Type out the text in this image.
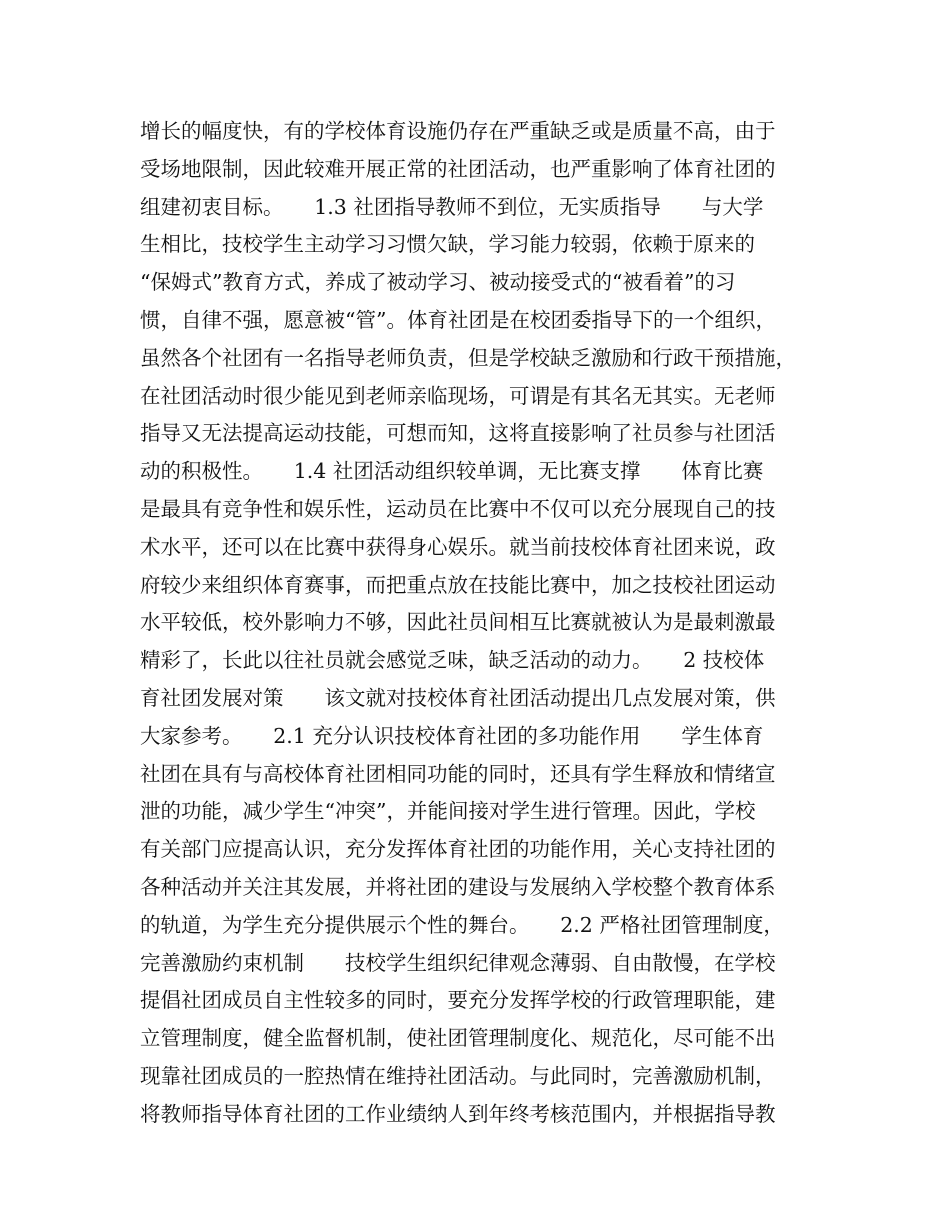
增长的幅度快，有的学校体育设施仍存在严重缺乏或是质量不高，由于
受场地限制，因此较难开展正常的社团活动，也严重影响了体育社团的
组建初衷目标。　　1.3 社团指导教师不到位，无实质指导　　与大学
生相比，技校学生主动学习习惯欠缺，学习能力较弱，依赖于原来的
“保姆式”教育方式，养成了被动学习、被动接受式的“被看着”的习
惯，自律不强，愿意被“管”。体育社团是在校团委指导下的一个组织，
虽然各个社团有一名指导老师负责，但是学校缺乏激励和行政干预措施，
在社团活动时很少能见到老师亲临现场，可谓是有其名无其实。无老师
指导又无法提高运动技能，可想而知，这将直接影响了社员参与社团活
动的积极性。　　1.4 社团活动组织较单调，无比赛支撑　　体育比赛
是最具有竞争性和娱乐性，运动员在比赛中不仅可以充分展现自己的技
术水平，还可以在比赛中获得身心娱乐。就当前技校体育社团来说，政
府较少来组织体育赛事，而把重点放在技能比赛中，加之技校社团运动
水平较低，校外影响力不够，因此社员间相互比赛就被认为是最刺激最
精彩了，长此以往社员就会感觉乏味，缺乏活动的动力。　　2 技校体
育社团发展对策　　该文就对技校体育社团活动提出几点发展对策，供
大家参考。　　2.1 充分认识技校体育社团的多功能作用　　学生体育
社团在具有与高校体育社团相同功能的同时，还具有学生释放和情绪宣
泄的功能，减少学生“冲突”，并能间接对学生进行管理。因此，学校
有关部门应提高认识，充分发挥体育社团的功能作用，关心支持社团的
各种活动并关注其发展，并将社团的建设与发展纳入学校整个教育体系
的轨道，为学生充分提供展示个性的舞台。　　2.2 严格社团管理制度，
完善激励约束机制　　技校学生组织纪律观念薄弱、自由散慢，在学校
提倡社团成员自主性较多的同时，要充分发挥学校的行政管理职能，建
立管理制度，健全监督机制，使社团管理制度化、规范化，尽可能不出
现靠社团成员的一腔热情在维持社团活动。与此同时，完善激励机制，
将教师指导体育社团的工作业绩纳人到年终考核范围内，并根据指导教
